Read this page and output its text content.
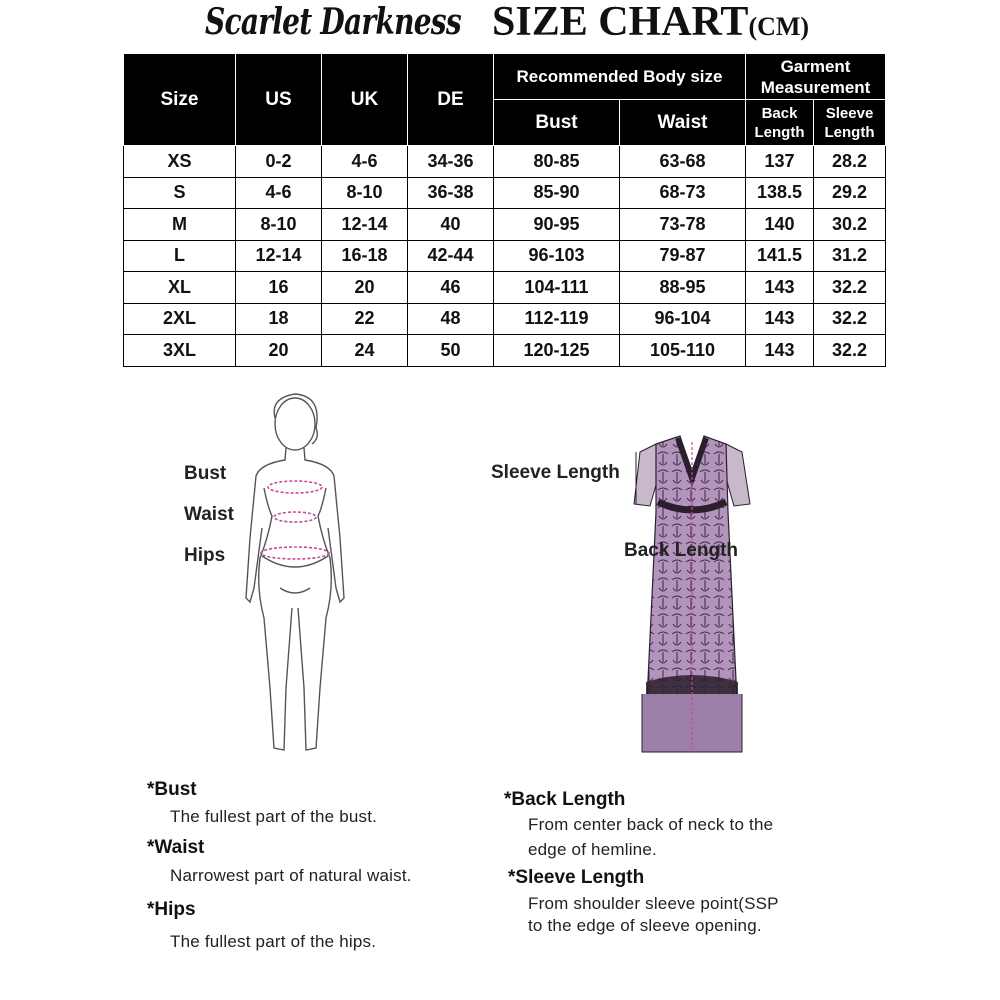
Scarlet Darkness SIZE CHART(CM)
Size	US	UK	DE	Recommended Body size		Garment Measurement	
				Bust	Waist	Back Length	Sleeve Length
XS	0-2	4-6	34-36	80-85	63-68	137	28.2
S	4-6	8-10	36-38	85-90	68-73	138.5	29.2
M	8-10	12-14	40	90-95	73-78	140	30.2
L	12-14	16-18	42-44	96-103	79-87	141.5	31.2
XL	16	20	46	104-111	88-95	143	32.2
2XL	18	22	48	112-119	96-104	143	32.2
3XL	20	24	50	120-125	105-110	143	32.2
Bust
Waist
Hips
Sleeve Length
Back Length
*Bust
The fullest part of the bust.
*Waist
Narrowest part of natural waist.
*Hips
The fullest part of the hips.
*Back Length
From center back of neck to the
edge of hemline.
*Sleeve Length
From shoulder sleeve point(SSP
to the edge of sleeve opening.
